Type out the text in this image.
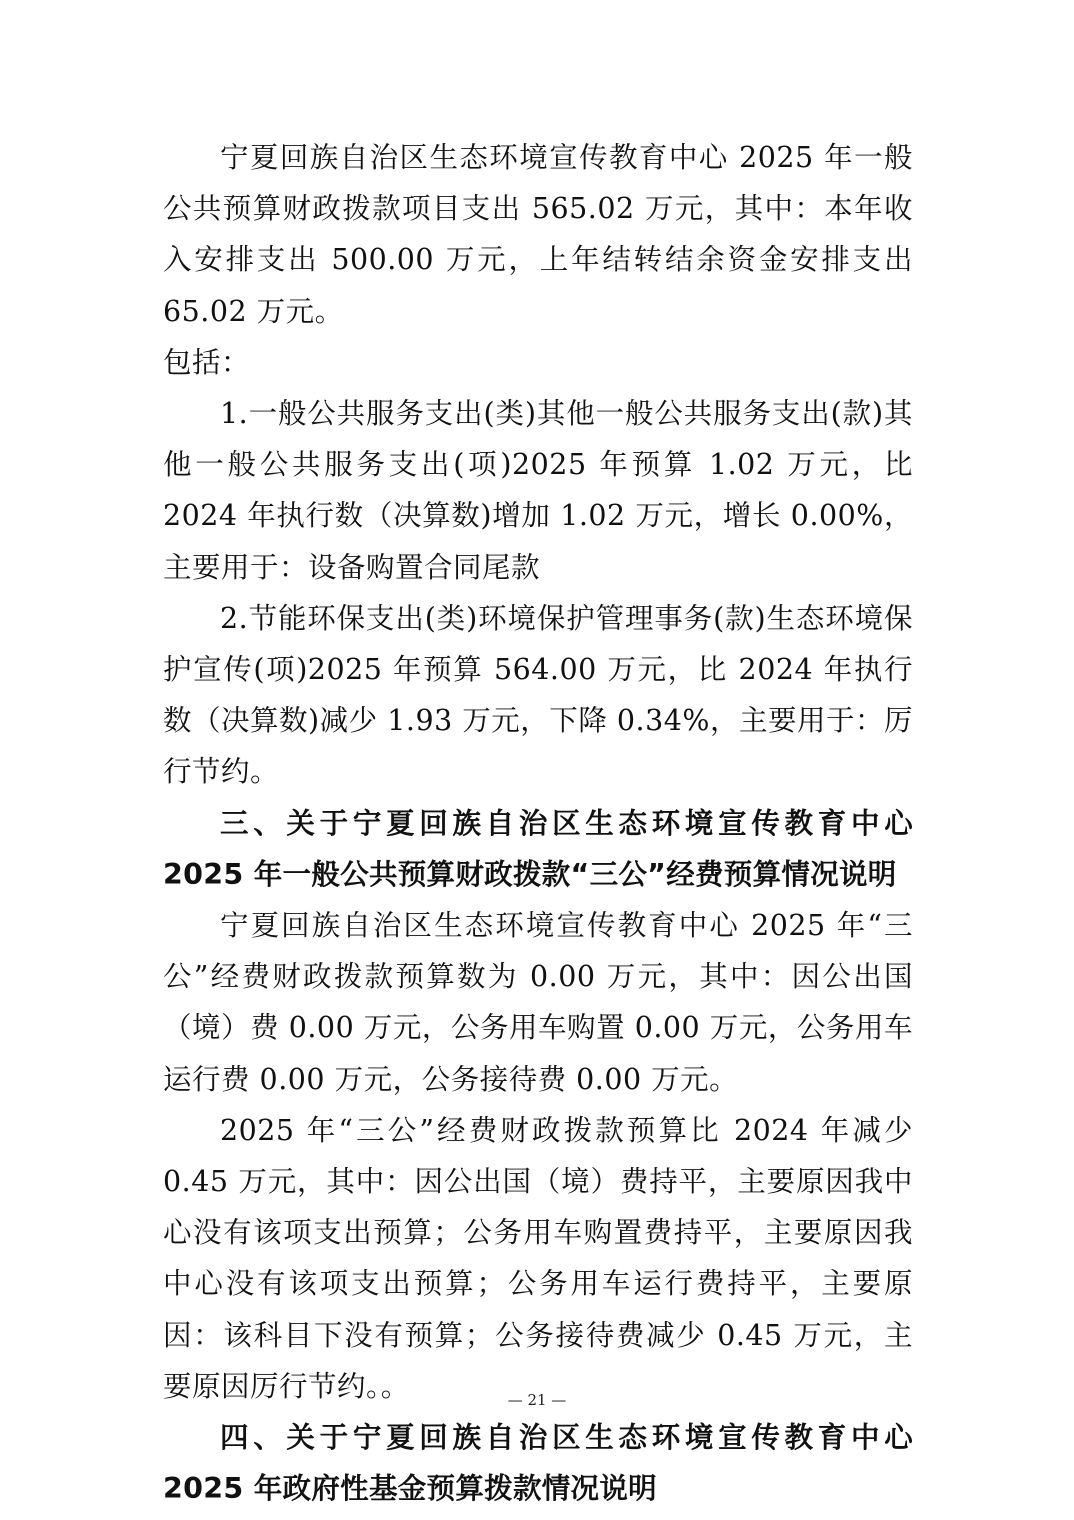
宁夏回族自治区生态环境宣传教育中心 2025 年一般公共预算财政拨款项目支出 565.02 万元，其中：本年收入安排支出 500.00 万元，上年结转结余资金安排支出 65.02 万元。

包括：

1.一般公共服务支出(类)其他一般公共服务支出(款)其他一般公共服务支出(项)2025 年预算 1.02 万元，比 2024 年执行数（决算数)增加 1.02 万元，增长 0.00%，主要用于：设备购置合同尾款

2.节能环保支出(类)环境保护管理事务(款)生态环境保护宣传(项)2025 年预算 564.00 万元，比 2024 年执行数（决算数)减少 1.93 万元，下降 0.34%，主要用于：厉行节约。

三、关于宁夏回族自治区生态环境宣传教育中心 2025 年一般公共预算财政拨款“三公”经费预算情况说明

宁夏回族自治区生态环境宣传教育中心 2025 年“三公”经费财政拨款预算数为 0.00 万元，其中：因公出国（境）费 0.00 万元，公务用车购置 0.00 万元，公务用车运行费 0.00 万元，公务接待费 0.00 万元。

2025 年“三公”经费财政拨款预算比 2024 年减少 0.45 万元，其中：因公出国（境）费持平，主要原因我中心没有该项支出预算；公务用车购置费持平，主要原因我中心没有该项支出预算；公务用车运行费持平，主要原因：该科目下没有预算；公务接待费减少 0.45 万元，主要原因厉行节约。。

四、关于宁夏回族自治区生态环境宣传教育中心 2025 年政府性基金预算拨款情况说明

— 21 —
